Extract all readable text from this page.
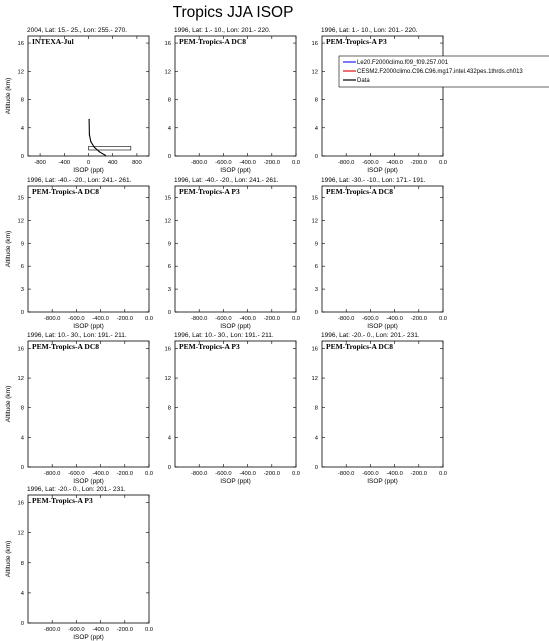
Tropics JJA ISOP
2004, Lat: 15.- 25., Lon: 255.- 270.
-800 -400	0	400	800
0
4
8
12
16
ISOP (ppt)
Altitude (km)
INTEXA-Jul
1996, Lat: 1.- 10., Lon: 201.- 220.
-800.0 -600.0 -400.0 -200.0 0.0
0
4
8
12
16
ISOP (ppt)
PEM-Tropics-A DC8
1996, Lat: 1.- 10., Lon: 201.- 220.
-800.0 -600.0 -400.0 -200.0 0.0
0
4
8
12
16
ISOP (ppt)
PEM-Tropics-A P3
1996, Lat: -40.- -20., Lon: 241.- 261.
-800.0 -600.0 -400.0 -200.0 0.0
0
3
6
9
12
15
ISOP (ppt)
Altitude (km)
PEM-Tropics-A DC8
1996, Lat: -40.- -20., Lon: 241.- 261.
-800.0 -600.0 -400.0 -200.0 0.0
0
3
6
9
12
15
ISOP (ppt)
PEM-Tropics-A P3
1996, Lat: -30.- -10., Lon: 171.- 191.
-800.0 -600.0 -400.0 -200.0 0.0
0
3
6
9
12
15
ISOP (ppt)
PEM-Tropics-A DC8
1996, Lat: 10.- 30., Lon: 191.- 211.
-800.0 -600.0 -400.0 -200.0 0.0
0
4
8
12
16
ISOP (ppt)
Altitude (km)
PEM-Tropics-A DC8
1996, Lat: 10.- 30., Lon: 191.- 211.
-800.0 -600.0 -400.0 -200.0 0.0
0
4
8
12
16
ISOP (ppt)
PEM-Tropics-A P3
1996, Lat: -20.- 0., Lon: 201.- 231.
-800.0 -600.0 -400.0 -200.0 0.0
0
4
8
12
16
ISOP (ppt)
PEM-Tropics-A DC8
1996, Lat: -20.- 0., Lon: 201.- 231.
-800.0 -600.0 -400.0 -200.0 0.0
0
4
8
12
16
ISOP (ppt)
Altitude (km)
PEM-Tropics-A P3
Le20.F2000climo.f09_f09.257.001
CESM2.F2000climo.C96.C96.mg17.intel.432pes.1thrds.ch013
Data
